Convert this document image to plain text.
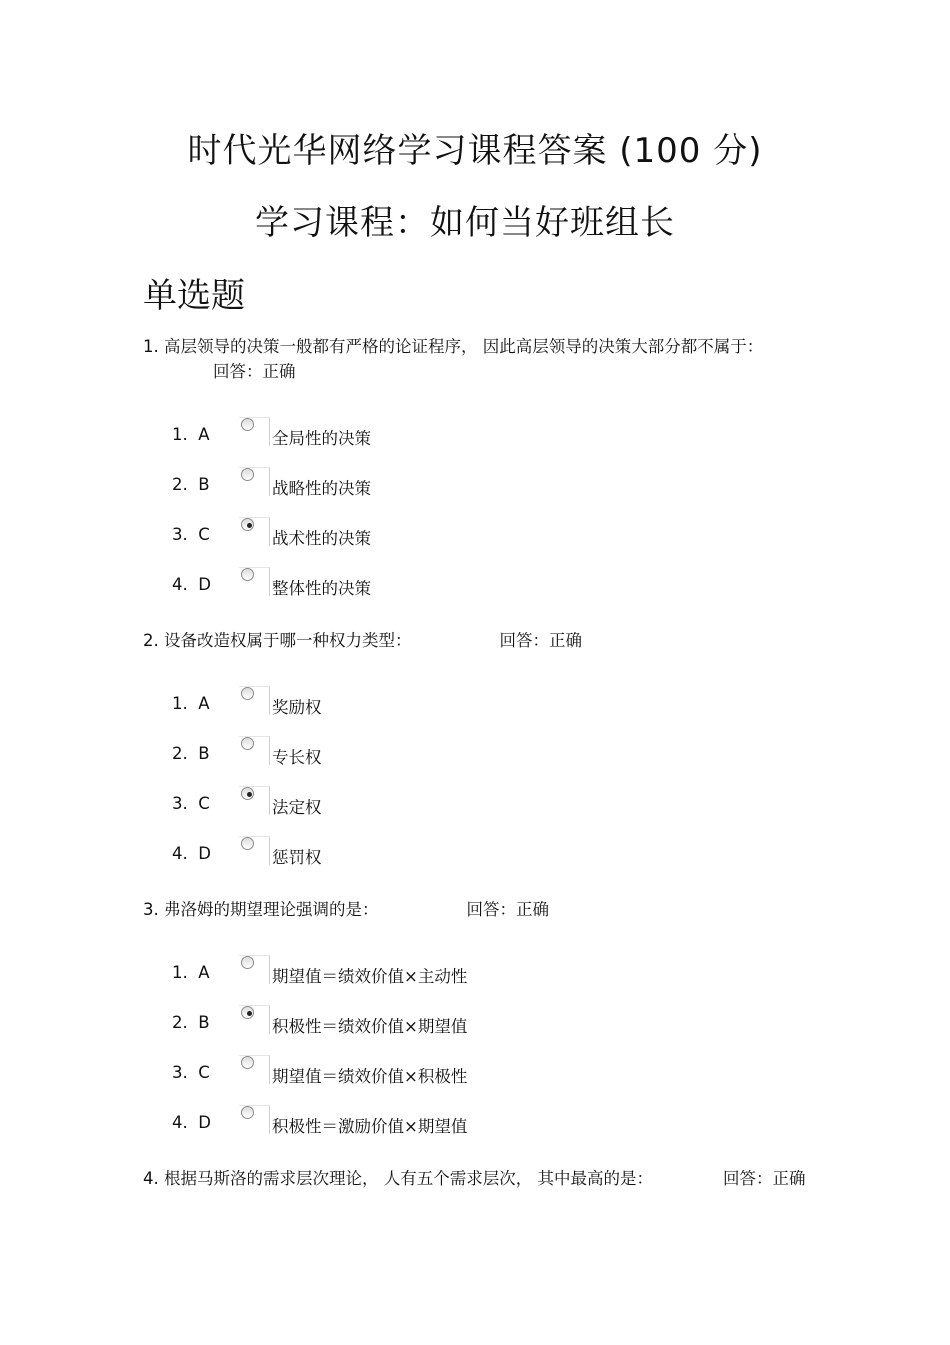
时代光华网络学习课程答案 (100 分)
学习课程：如何当好班组长
单选题
1. 高层领导的决策一般都有严格的论证程序， 因此高层领导的决策大部分都不属于：回答：正确
1. A	全局性的决策
2. B	战略性的决策
3. C	战术性的决策
4. D	整体性的决策
2. 设备改造权属于哪一种权力类型：	回答：正确
1. A	奖励权
2. B	专长权
3. C	法定权
4. D	惩罚权
3. 弗洛姆的期望理论强调的是：	回答：正确
1. A	期望值＝绩效价值×主动性
2. B	积极性＝绩效价值×期望值
3. C	期望值＝绩效价值×积极性
4. D	积极性＝激励价值×期望值
4. 根据马斯洛的需求层次理论， 人有五个需求层次， 其中最高的是：	回答：正确
